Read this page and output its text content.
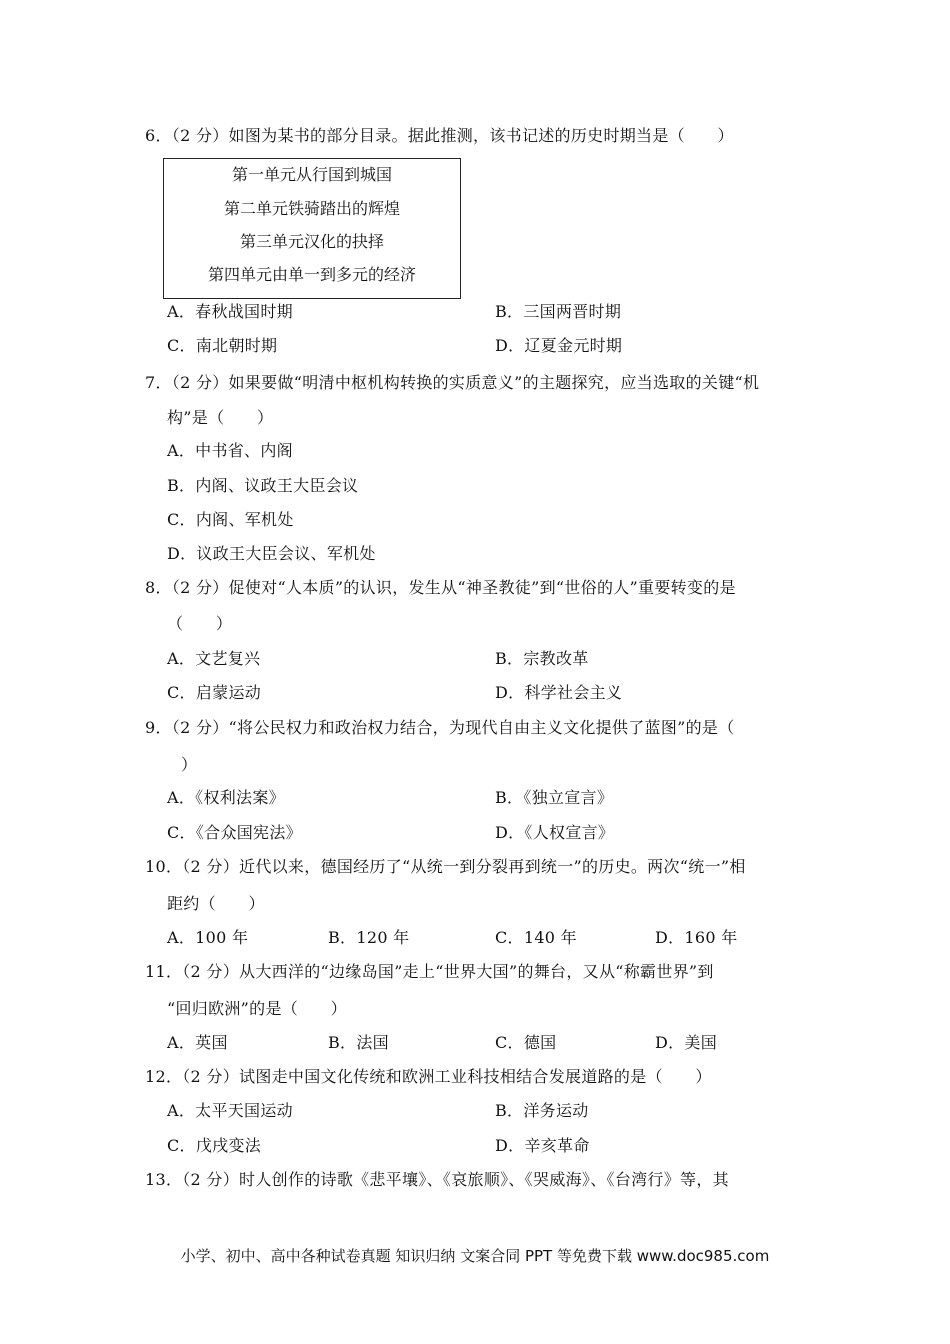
6．（2 分）如图为某书的部分目录。据此推测，该书记述的历史时期当是（　　）
第一单元从行国到城国
第二单元铁骑踏出的辉煌
第三单元汉化的抉择
第四单元由单一到多元的经济
A．春秋战国时期	B．三国两晋时期
C．南北朝时期	D．辽夏金元时期
7．（2 分）如果要做“明清中枢机构转换的实质意义”的主题探究，应当选取的关键“机
构”是（　　）
A．中书省、内阁
B．内阁、议政王大臣会议
C．内阁、军机处
D．议政王大臣会议、军机处
8．（2 分）促使对“人本质”的认识，发生从“神圣教徒”到“世俗的人”重要转变的是
（　　）
A．文艺复兴	B．宗教改革
C．启蒙运动	D．科学社会主义
9．（2 分）“将公民权力和政治权力结合，为现代自由主义文化提供了蓝图”的是（
）
A．《权利法案》	B．《独立宣言》
C．《合众国宪法》	D．《人权宣言》
10．（2 分）近代以来，德国经历了“从统一到分裂再到统一”的历史。两次“统一”相
距约（　　）
A．100 年	B．120 年	C．140 年	D．160 年
11．（2 分）从大西洋的“边缘岛国”走上“世界大国”的舞台，又从“称霸世界”到
“回归欧洲”的是（　　）
A．英国	B．法国	C．德国	D．美国
12．（2 分）试图走中国文化传统和欧洲工业科技相结合发展道路的是（　　）
A．太平天国运动	B．洋务运动
C．戊戌变法	D．辛亥革命
13．（2 分）时人创作的诗歌《悲平壤》、《哀旅顺》、《哭威海》、《台湾行》等，其
小学、初中、高中各种试卷真题 知识归纳 文案合同 PPT 等免费下载 www.doc985.com
